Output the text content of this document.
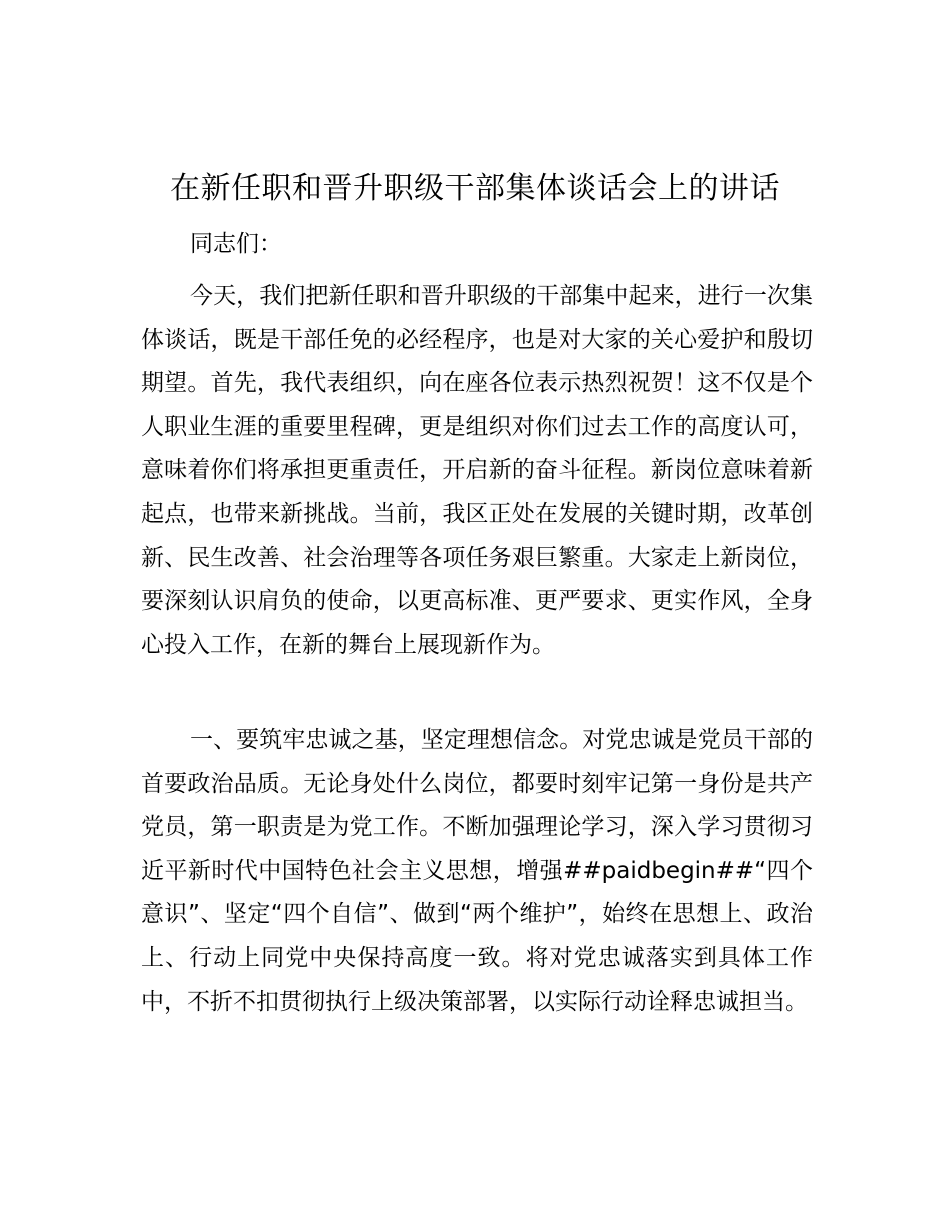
在新任职和晋升职级干部集体谈话会上的讲话

同志们：

今天，我们把新任职和晋升职级的干部集中起来，进行一次集体谈话，既是干部任免的必经程序，也是对大家的关心爱护和殷切期望。首先，我代表组织，向在座各位表示热烈祝贺！这不仅是个人职业生涯的重要里程碑，更是组织对你们过去工作的高度认可，意味着你们将承担更重责任，开启新的奋斗征程。新岗位意味着新起点，也带来新挑战。当前，我区正处在发展的关键时期，改革创新、民生改善、社会治理等各项任务艰巨繁重。大家走上新岗位，要深刻认识肩负的使命，以更高标准、更严要求、更实作风，全身心投入工作，在新的舞台上展现新作为。

一、要筑牢忠诚之基，坚定理想信念。对党忠诚是党员干部的首要政治品质。无论身处什么岗位，都要时刻牢记第一身份是共产党员，第一职责是为党工作。不断加强理论学习，深入学习贯彻习近平新时代中国特色社会主义思想，增强##paidbegin##“四个意识”、坚定“四个自信”、做到“两个维护”，始终在思想上、政治上、行动上同党中央保持高度一致。将对党忠诚落实到具体工作中，不折不扣贯彻执行上级决策部署，以实际行动诠释忠诚担当。
